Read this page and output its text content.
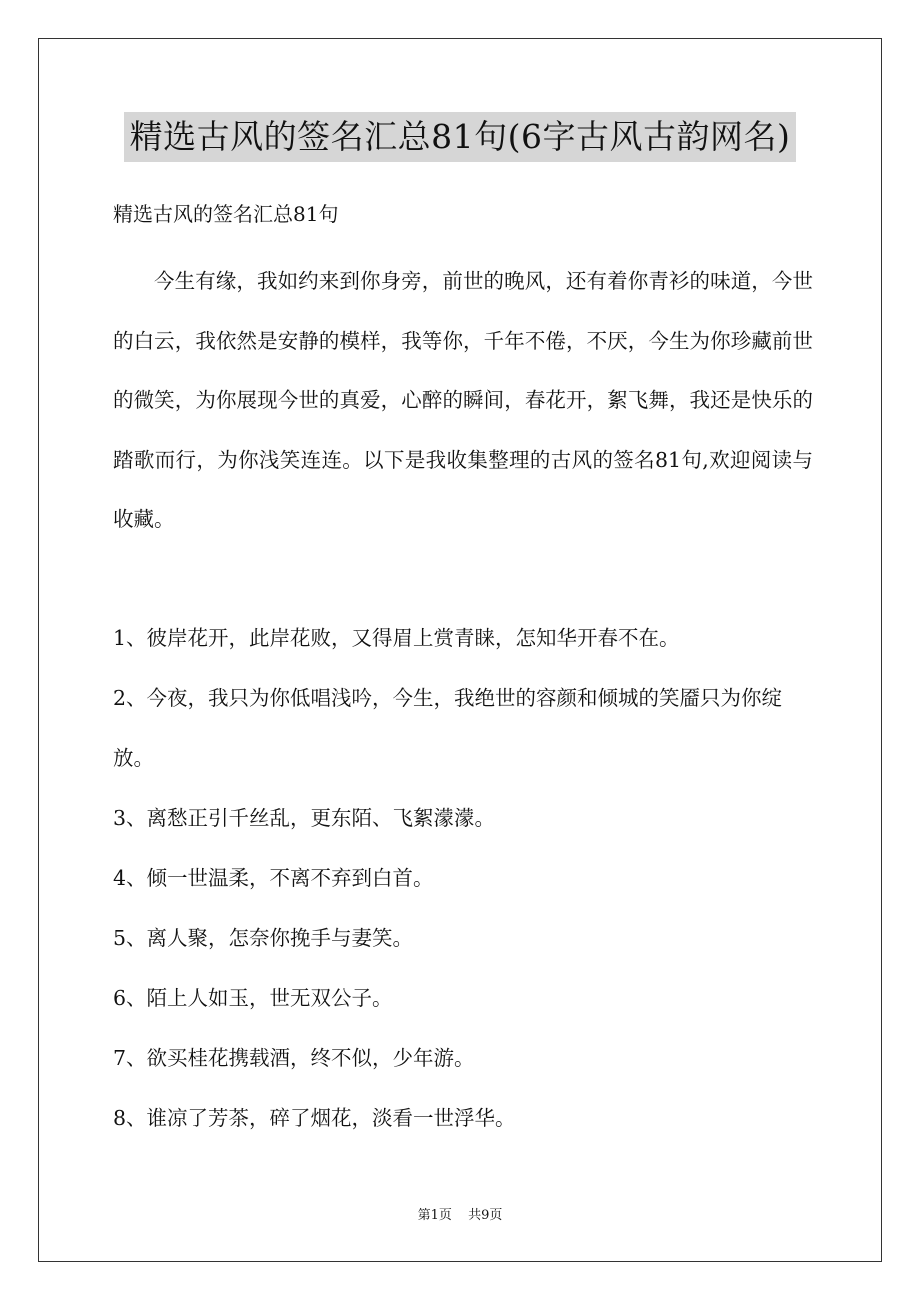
精选古风的签名汇总81句(6字古风古韵网名)
精选古风的签名汇总81句

今生有缘，我如约来到你身旁，前世的晚风，还有着你青衫的味道，今世的白云，我依然是安静的模样，我等你，千年不倦，不厌，今生为你珍藏前世的微笑，为你展现今世的真爱，心醉的瞬间，春花开，絮飞舞，我还是快乐的踏歌而行，为你浅笑连连。以下是我收集整理的古风的签名81句,欢迎阅读与收藏。

1、彼岸花开，此岸花败，又得眉上赏青睐，怎知华开春不在。
2、今夜，我只为你低唱浅吟，今生，我绝世的容颜和倾城的笑靥只为你绽放。
3、离愁正引千丝乱，更东陌、飞絮濛濛。
4、倾一世温柔，不离不弃到白首。
5、离人聚，怎奈你挽手与妻笑。
6、陌上人如玉，世无双公子。
7、欲买桂花携载酒，终不似，少年游。
8、谁凉了芳茶，碎了烟花，淡看一世浮华。
第1页 共9页
